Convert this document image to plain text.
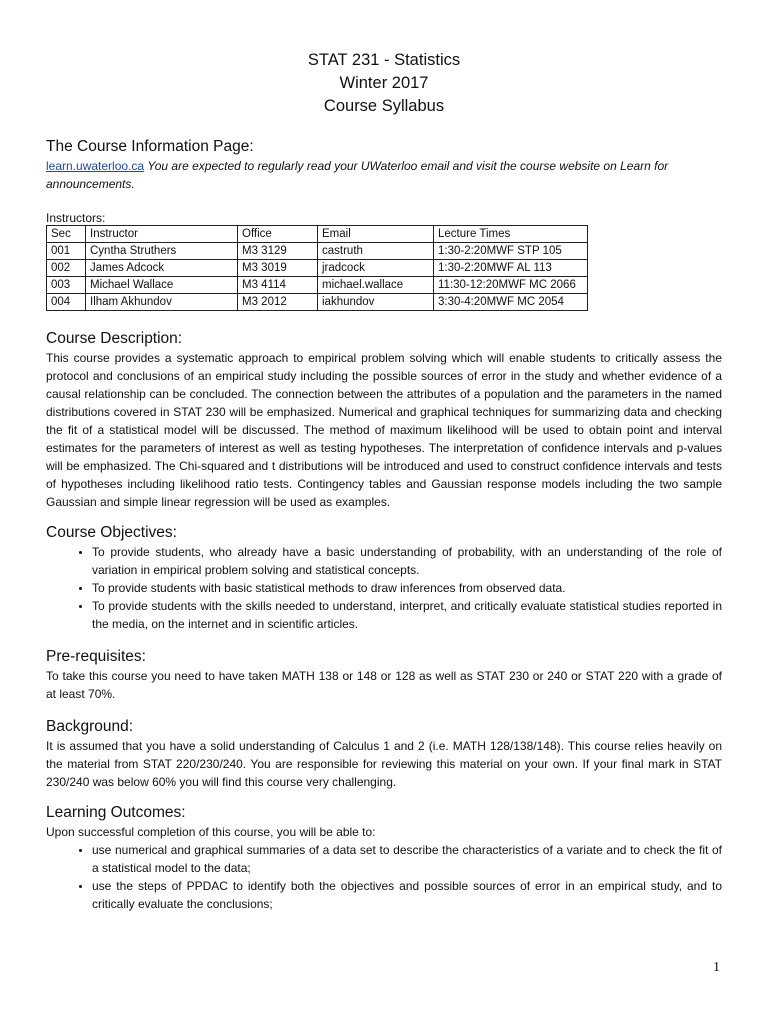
STAT 231 - Statistics
Winter 2017
Course Syllabus
The Course Information Page:
learn.uwaterloo.ca You are expected to regularly read your UWaterloo email and visit the course website on Learn for announcements.
Instructors:
Sec	Instructor	Office	Email	Lecture Times
001	Cyntha Struthers	M3 3129	castruth	1:30-2:20MWF STP 105
002	James Adcock	M3 3019	jradcock	1:30-2:20MWF AL 113
003	Michael Wallace	M3 4114	michael.wallace	11:30-12:20MWF MC 2066
004	Ilham Akhundov	M3 2012	iakhundov	3:30-4:20MWF MC 2054
Course Description:

This course provides a systematic approach to empirical problem solving which will enable students to critically assess the protocol and conclusions of an empirical study including the possible sources of error in the study and whether evidence of a causal relationship can be concluded. The connection between the attributes of a population and the parameters in the named distributions covered in STAT 230 will be emphasized. Numerical and graphical techniques for summarizing data and checking the fit of a statistical model will be discussed. The method of maximum likelihood will be used to obtain point and interval estimates for the parameters of interest as well as testing hypotheses. The interpretation of confidence intervals and p-values will be emphasized. The Chi-squared and t distributions will be introduced and used to construct confidence intervals and tests of hypotheses including likelihood ratio tests. Contingency tables and Gaussian response models including the two sample Gaussian and simple linear regression will be used as examples.

Course Objectives:
• To provide students, who already have a basic understanding of probability, with an understanding of the role of variation in empirical problem solving and statistical concepts.
• To provide students with basic statistical methods to draw inferences from observed data.
• To provide students with the skills needed to understand, interpret, and critically evaluate statistical studies reported in the media, on the internet and in scientific articles.
Pre-requisites:

To take this course you need to have taken MATH 138 or 148 or 128 as well as STAT 230 or 240 or STAT 220 with a grade of at least 70%.

Background:

It is assumed that you have a solid understanding of Calculus 1 and 2 (i.e. MATH 128/138/148). This course relies heavily on the material from STAT 220/230/240. You are responsible for reviewing this material on your own. If your final mark in STAT 230/240 was below 60% you will find this course very challenging.

Learning Outcomes:

Upon successful completion of this course, you will be able to:

• use numerical and graphical summaries of a data set to describe the characteristics of a variate and to check the fit of a statistical model to the data;
• use the steps of PPDAC to identify both the objectives and possible sources of error in an empirical study, and to critically evaluate the conclusions;
1
